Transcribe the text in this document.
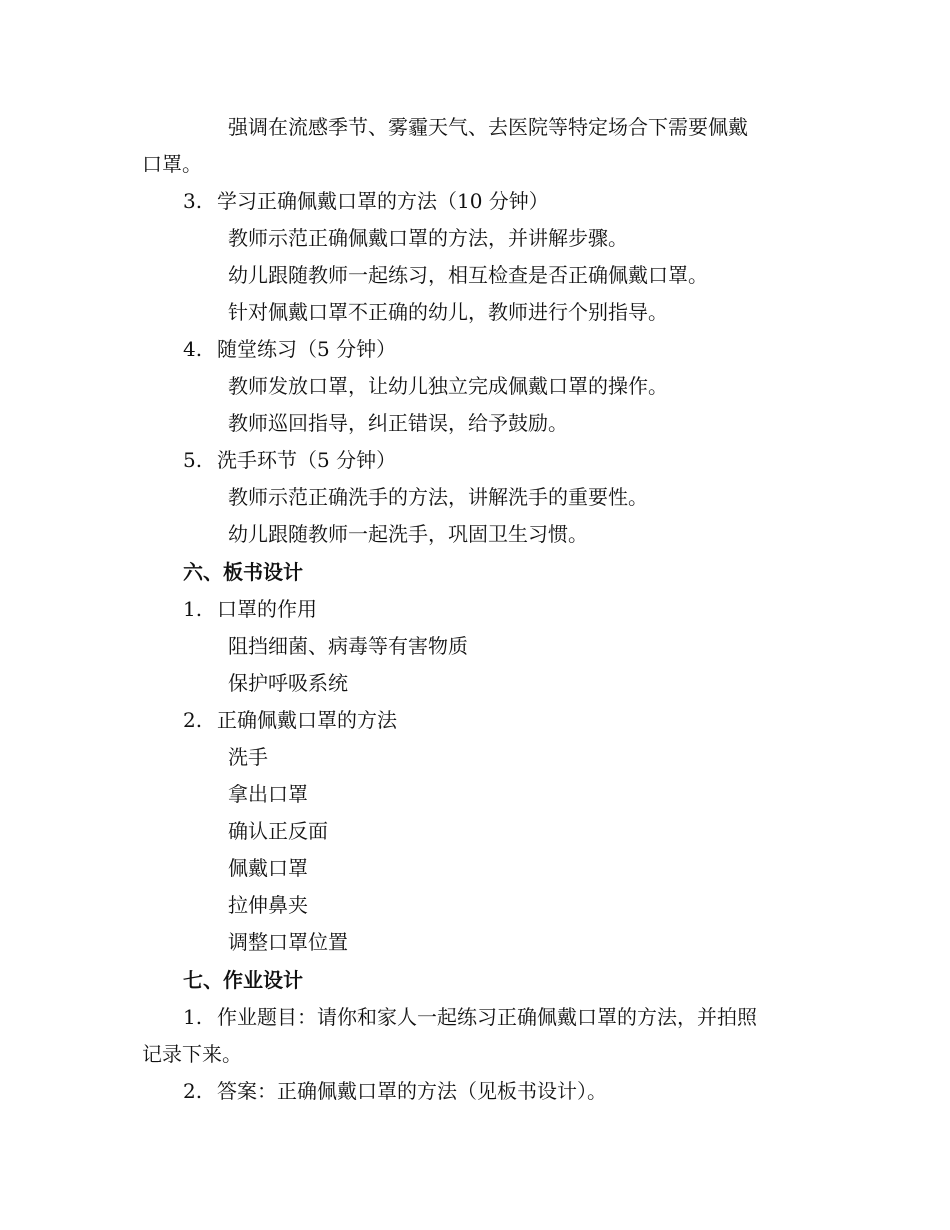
强调在流感季节、雾霾天气、去医院等特定场合下需要佩戴
口罩。
3. 学习正确佩戴口罩的方法（10 分钟）
教师示范正确佩戴口罩的方法，并讲解步骤。
幼儿跟随教师一起练习，相互检查是否正确佩戴口罩。
针对佩戴口罩不正确的幼儿，教师进行个别指导。
4. 随堂练习（5 分钟）
教师发放口罩，让幼儿独立完成佩戴口罩的操作。
教师巡回指导，纠正错误，给予鼓励。
5. 洗手环节（5 分钟）
教师示范正确洗手的方法，讲解洗手的重要性。
幼儿跟随教师一起洗手，巩固卫生习惯。
六、板书设计
1. 口罩的作用
阻挡细菌、病毒等有害物质
保护呼吸系统
2. 正确佩戴口罩的方法
洗手
拿出口罩
确认正反面
佩戴口罩
拉伸鼻夹
调整口罩位置
七、作业设计
1. 作业题目：请你和家人一起练习正确佩戴口罩的方法，并拍照
记录下来。
2. 答案：正确佩戴口罩的方法（见板书设计）。
